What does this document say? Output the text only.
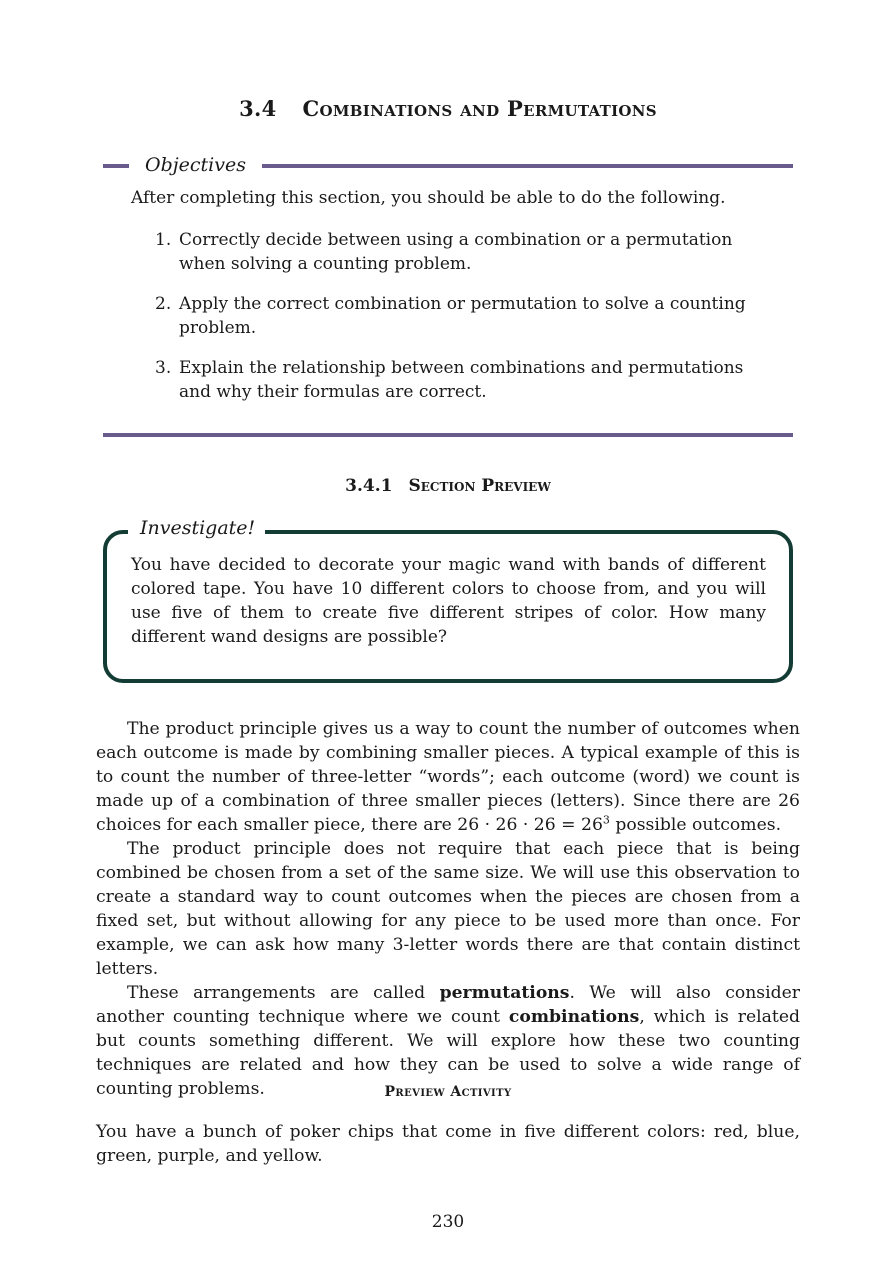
3.4 Combinations and Permutations
Objectives
After completing this section, you should be able to do the following.
1. Correctly decide between using a combination or a permutation when solving a counting problem.
2. Apply the correct combination or permutation to solve a counting problem.
3. Explain the relationship between combinations and permutations and why their formulas are correct.
3.4.1 Section Preview
Investigate!
You have decided to decorate your magic wand with bands of different colored tape. You have 10 different colors to choose from, and you will use five of them to create five different stripes of color. How many different wand designs are possible?

The product principle gives us a way to count the number of outcomes when each outcome is made by combining smaller pieces. A typical example of this is to count the number of three-letter “words”; each outcome (word) we count is made up of a combination of three smaller pieces (letters). Since there are 26 choices for each smaller piece, there are $26 \cdot 26 \cdot 26 = 26^3$ possible outcomes.

The product principle does not require that each piece that is being combined be chosen from a set of the same size. We will use this observation to create a standard way to count outcomes when the pieces are chosen from a fixed set, but without allowing for any piece to be used more than once. For example, we can ask how many 3-letter words there are that contain distinct letters.

These arrangements are called permutations. We will also consider another counting technique where we count combinations, which is related but counts something different. We will explore how these two counting techniques are related and how they can be used to solve a wide range of counting problems.	Preview Activity
You have a bunch of poker chips that come in five different colors: red, blue, green, purple, and yellow.
230
